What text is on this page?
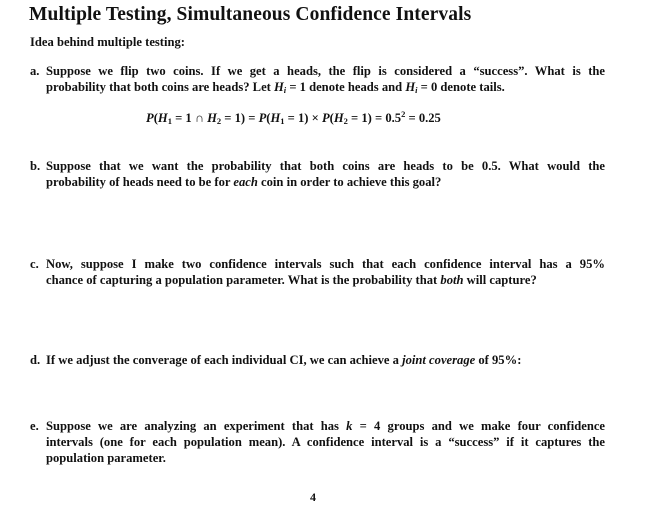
Multiple Testing, Simultaneous Confidence Intervals
Idea behind multiple testing:
a. Suppose we flip two coins. If we get a heads, the flip is considered a “success”. What is the
probability that both coins are heads? Let $H_i = 1$ denote heads and $H_i = 0$ denote tails.
$P(H_1 = 1$ ∩ $H_2 = 1) = P(H_1 = 1) \times P(H_2 = 1) = 0.5^2 = 0.25$
b. Suppose that we want the probability that both coins are heads to be 0.5. What would the
probability of heads need to be for each coin in order to achieve this goal?
c. Now, suppose I make two confidence intervals such that each confidence interval has a 95%
chance of capturing a population parameter. What is the probability that both will capture?
d. If we adjust the converage of each individual CI, we can achieve a joint coverage of 95%:
e. Suppose we are analyzing an experiment that has k = 4 groups and we make four confidence
intervals (one for each population mean). A confidence interval is a “success” if it captures the
population parameter.
4
